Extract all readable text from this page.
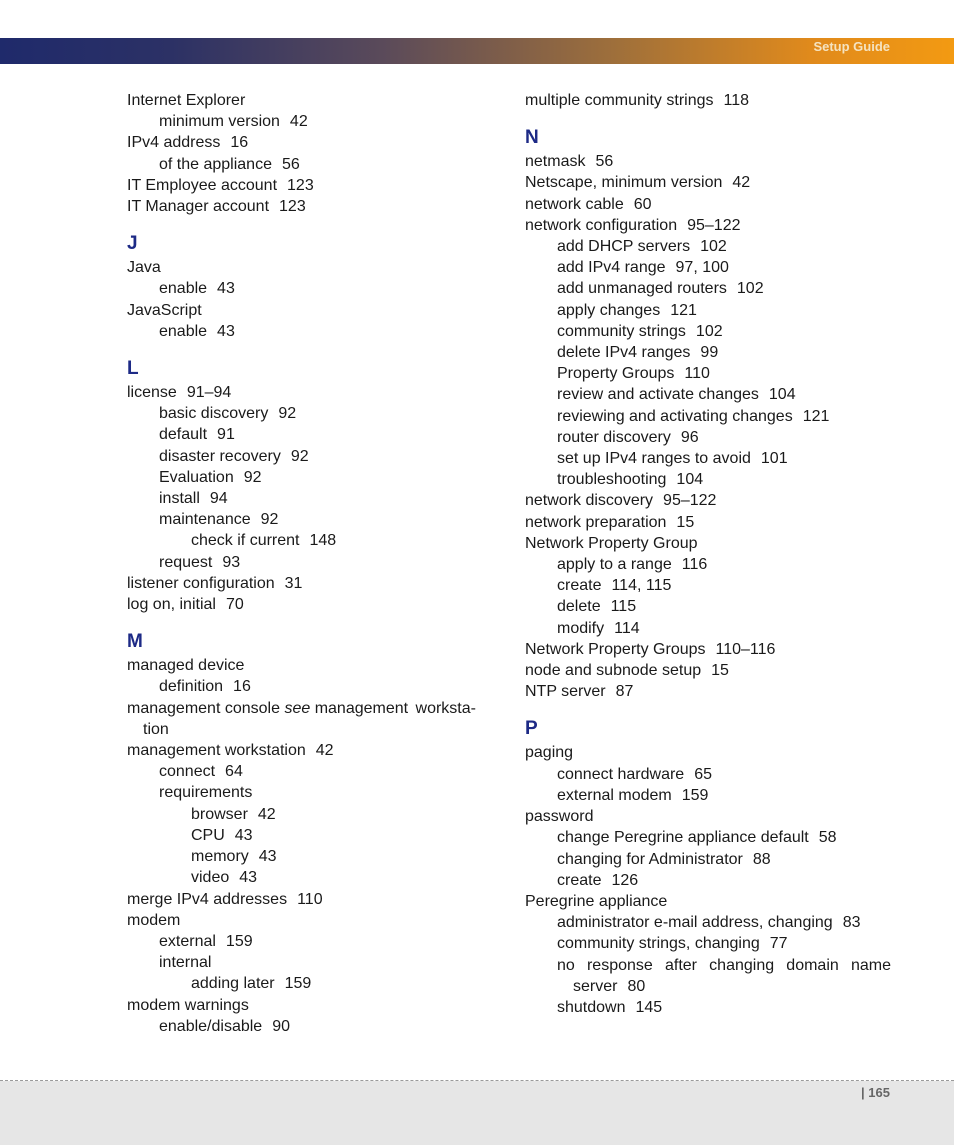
Setup Guide
Internet Explorer
minimum version 42
IPv4 address 16
of the appliance 56
IT Employee account 123
IT Manager account 123
J
Java
enable 43
JavaScript
enable 43
L
license 91–94
basic discovery 92
default 91
disaster recovery 92
Evaluation 92
install 94
maintenance 92
check if current 148
request 93
listener configuration 31
log on, initial 70
M
managed device
definition 16
management console see management worksta-
tion
management workstation 42
connect 64
requirements
browser 42
CPU 43
memory 43
video 43
merge IPv4 addresses 110
modem
external 159
internal
adding later 159
modem warnings
enable/disable 90
multiple community strings 118
N
netmask 56
Netscape, minimum version 42
network cable 60
network configuration 95–122
add DHCP servers 102
add IPv4 range 97, 100
add unmanaged routers 102
apply changes 121
community strings 102
delete IPv4 ranges 99
Property Groups 110
review and activate changes 104
reviewing and activating changes 121
router discovery 96
set up IPv4 ranges to avoid 101
troubleshooting 104
network discovery 95–122
network preparation 15
Network Property Group
apply to a range 116
create 114, 115
delete 115
modify 114
Network Property Groups 110–116
node and subnode setup 15
NTP server 87
P
paging
connect hardware 65
external modem 159
password
change Peregrine appliance default 58
changing for Administrator 88
create 126
Peregrine appliance
administrator e-mail address, changing 83
community strings, changing 77
no response after changing domain name
server 80
shutdown 145
| 165
